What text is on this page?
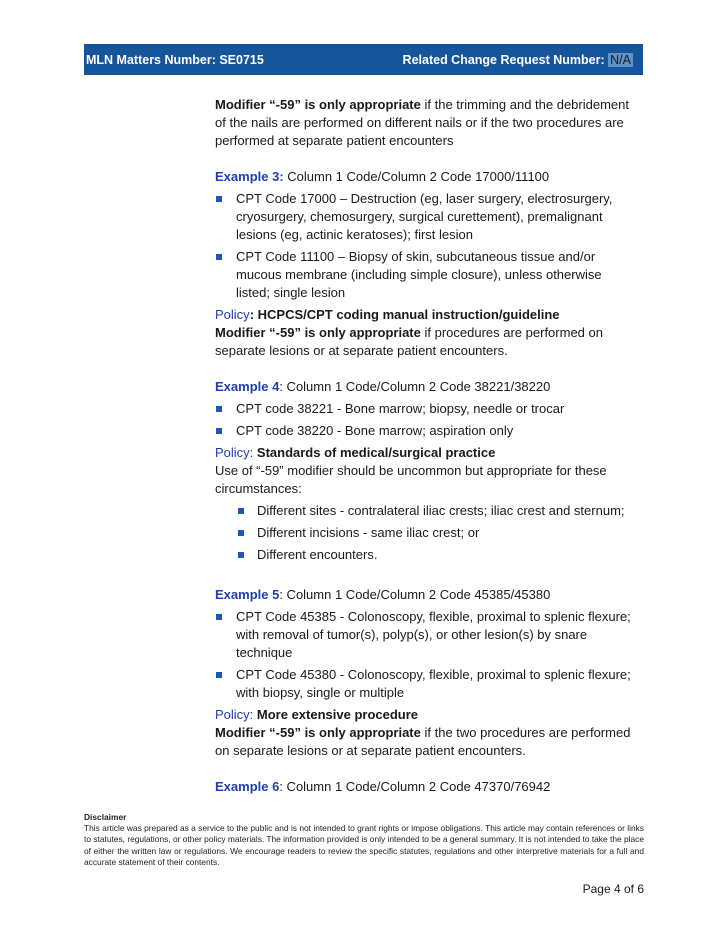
MLN Matters Number: SE0715	Related Change Request Number: N/A

Modifier “-59” is only appropriate if the trimming and the debridement of the nails are performed on different nails or if the two procedures are performed at separate patient encounters

Example 3: Column 1 Code/Column 2 Code 17000/11100

CPT Code 17000 – Destruction (eg, laser surgery, electrosurgery, cryosurgery, chemosurgery, surgical curettement), premalignant lesions (eg, actinic keratoses); first lesion
CPT Code 11100 – Biopsy of skin, subcutaneous tissue and/or mucous membrane (including simple closure), unless otherwise listed; single lesion

Policy: HCPCS/CPT coding manual instruction/guideline

Modifier “-59” is only appropriate if procedures are performed on separate lesions or at separate patient encounters.

Example 4: Column 1 Code/Column 2 Code 38221/38220

CPT code 38221 - Bone marrow; biopsy, needle or trocar
CPT code 38220 - Bone marrow; aspiration only

Policy: Standards of medical/surgical practice

Use of “-59” modifier should be uncommon but appropriate for these circumstances:

Different sites - contralateral iliac crests; iliac crest and sternum;
Different incisions - same iliac crest; or
Different encounters.

Example 5: Column 1 Code/Column 2 Code 45385/45380

CPT Code 45385 - Colonoscopy, flexible, proximal to splenic flexure; with removal of tumor(s), polyp(s), or other lesion(s) by snare technique
CPT Code 45380 - Colonoscopy, flexible, proximal to splenic flexure; with biopsy, single or multiple

Policy: More extensive procedure

Modifier “-59” is only appropriate if the two procedures are performed on separate lesions or at separate patient encounters.

Example 6: Column 1 Code/Column 2 Code 47370/76942

Disclaimer
This article was prepared as a service to the public and is not intended to grant rights or impose obligations. This article may contain references or links to statutes, regulations, or other policy materials. The information provided is only intended to be a general summary. It is not intended to take the place of either the written law or regulations. We encourage readers to review the specific statutes, regulations and other interpretive materials for a full and accurate statement of their contents.
Page 4 of 6
